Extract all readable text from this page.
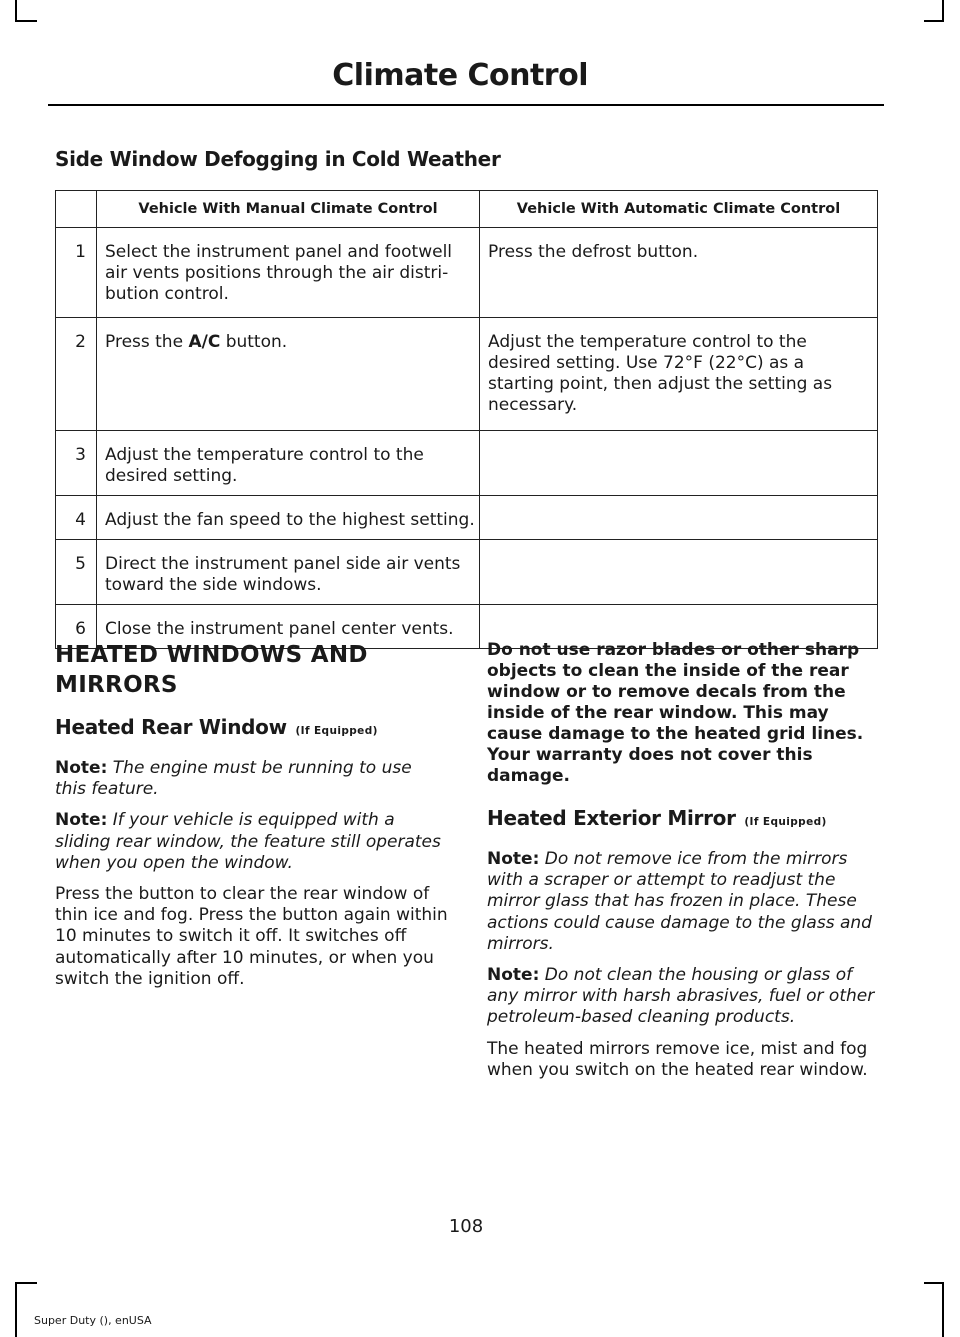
Climate Control
Side Window Defogging in Cold Weather
	Vehicle With Manual Climate Control	Vehicle With Automatic Climate Control
1	Select the instrument panel and footwell air vents positions through the air distri-bution control.	Press the defrost button.
2	Press the A/C button.	Adjust the temperature control to the desired setting. Use 72°F (22°C) as a starting point, then adjust the setting as necessary.
3	Adjust the temperature control to the desired setting.	
4	Adjust the fan speed to the highest setting.	
5	Direct the instrument panel side air vents toward the side windows.	
6	Close the instrument panel center vents.	
HEATED WINDOWS AND
MIRRORS
Heated Rear Window (If Equipped)

Note: The engine must be running to use this feature.

Note: If your vehicle is equipped with a sliding rear window, the feature still operates when you open the window.

Press the button to clear the rear window of thin ice and fog. Press the button again within 10 minutes to switch it off. It switches off automatically after 10 minutes, or when you switch the ignition off.

Do not use razor blades or other sharp objects to clean the inside of the rear window or to remove decals from the inside of the rear window. This may cause damage to the heated grid lines. Your warranty does not cover this damage.

Heated Exterior Mirror (If Equipped)

Note: Do not remove ice from the mirrors with a scraper or attempt to readjust the mirror glass that has frozen in place. These actions could cause damage to the glass and mirrors.

Note: Do not clean the housing or glass of any mirror with harsh abrasives, fuel or other petroleum-based cleaning products.

The heated mirrors remove ice, mist and fog when you switch on the heated rear window.

108
Super Duty (), enUSA
